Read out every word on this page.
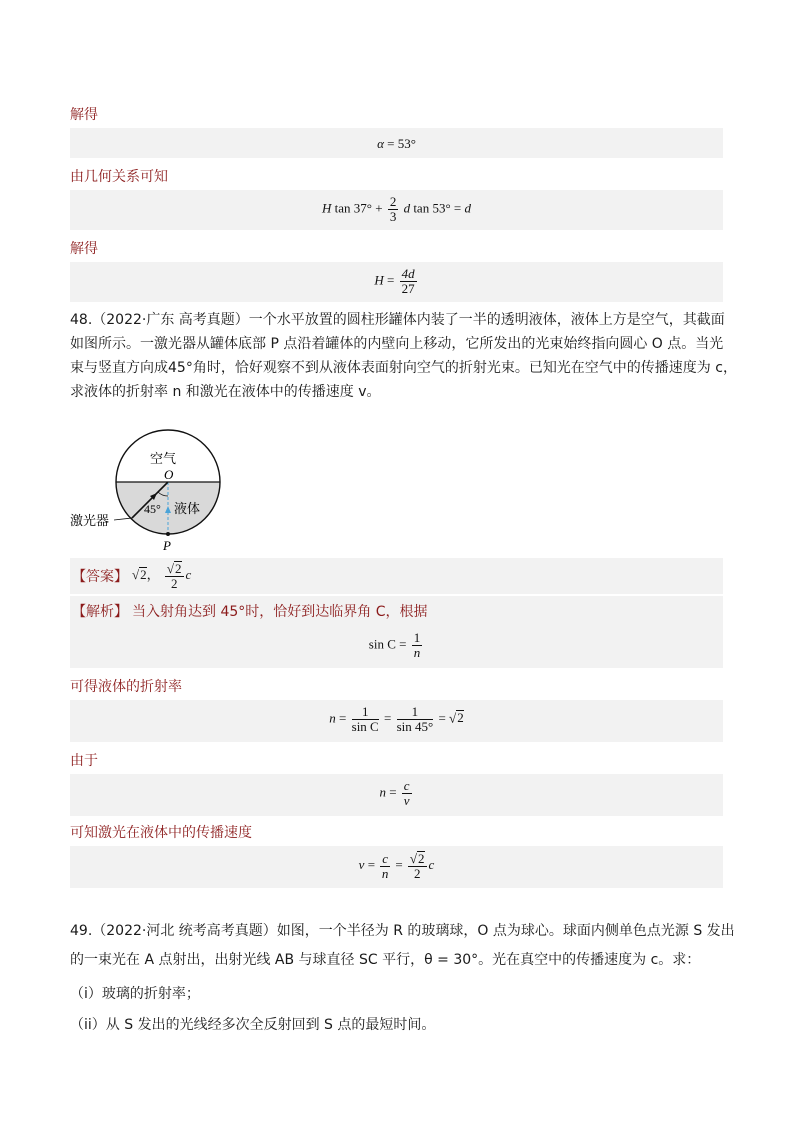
解得
α = 53°
由几何关系可知
H $\tan 37^\circ + \frac{2}{3}$ d tan 53° = d
解得
$H = \frac{4d}{27}$
48.（2022·广东 高考真题）一个水平放置的圆柱形罐体内装了一半的透明液体，液体上方是空气，其截面
如图所示。一激光器从罐体底部 P 点沿着罐体的内壁向上移动，它所发出的光束始终指向圆心 O 点。当光
束与竖直方向成45°角时，恰好观察不到从液体表面射向空气的折射光束。已知光在空气中的传播速度为 c，
求液体的折射率 n 和激光在液体中的传播速度 v。
空气
O
45° 液体
激光器
P
【答案】 √2， $\frac{√2}{2}$ c
【解析】 当入射角达到 45°时，恰好到达临界角 C，根据
$\sin C = \frac{1}{n}$
可得液体的折射率
$n = \frac{1}{\text{sin C}} = \frac{1}{\sin 45^\circ} = √2$
由于
$n = \frac{c}{v}$
可知激光在液体中的传播速度
$v = \frac{c}{n} = \frac{√2}{2}$ c
49.（2022·河北 统考高考真题）如图，一个半径为 R 的玻璃球，O 点为球心。球面内侧单色点光源 S 发出
的一束光在 A 点射出，出射光线 AB 与球直径 SC 平行，θ = 30°。光在真空中的传播速度为 c。求：
（i）玻璃的折射率；
（ii）从 S 发出的光线经多次全反射回到 S 点的最短时间。
